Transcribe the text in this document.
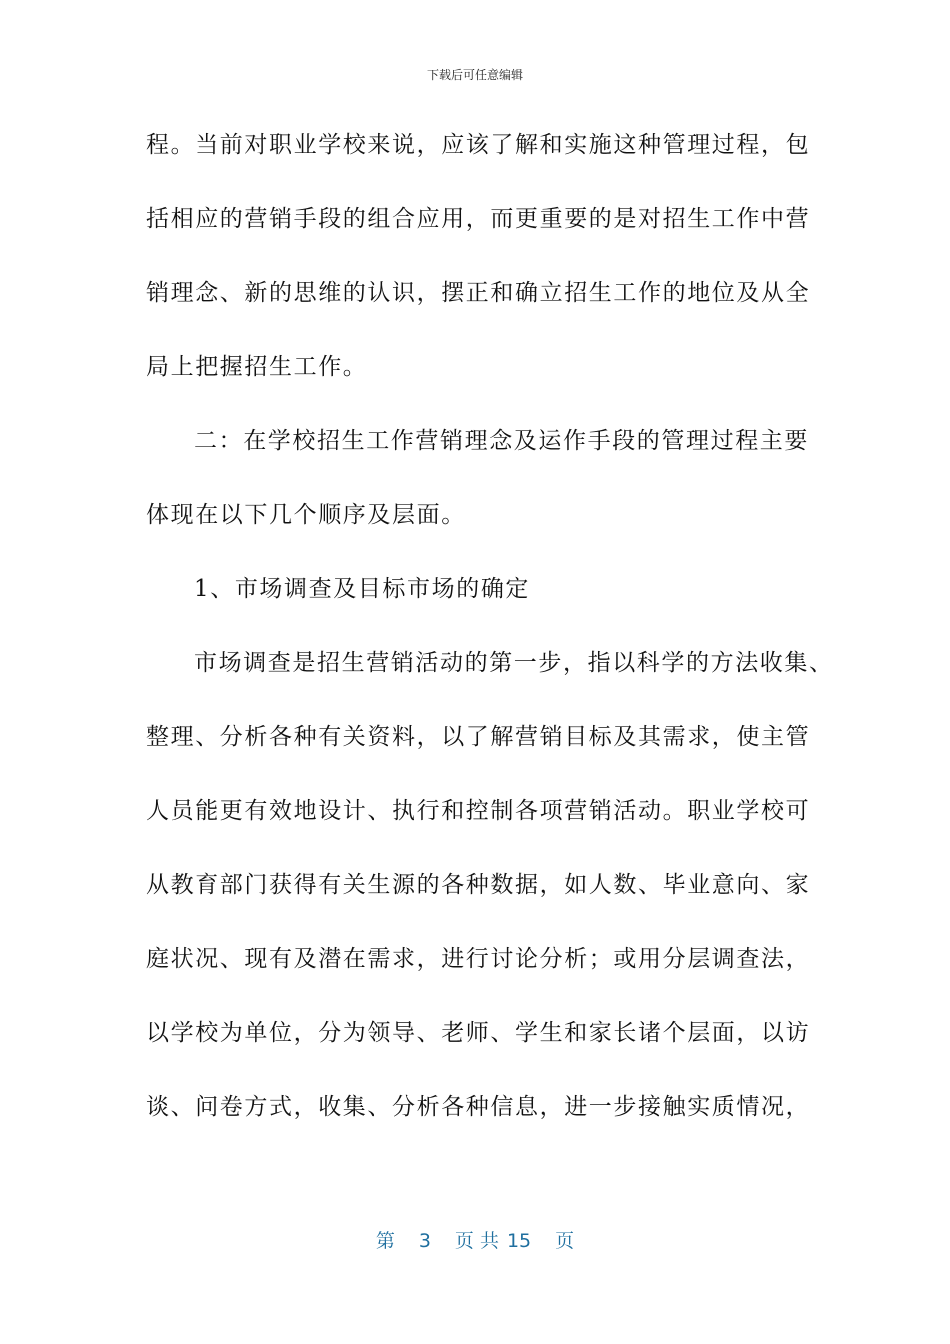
下载后可任意编辑
程。当前对职业学校来说，应该了解和实施这种管理过程，包
括相应的营销手段的组合应用，而更重要的是对招生工作中营
销理念、新的思维的认识，摆正和确立招生工作的地位及从全
局上把握招生工作。
二：在学校招生工作营销理念及运作手段的管理过程主要
体现在以下几个顺序及层面。
1、市场调查及目标市场的确定
市场调查是招生营销活动的第一步，指以科学的方法收集、
整理、分析各种有关资料，以了解营销目标及其需求，使主管
人员能更有效地设计、执行和控制各项营销活动。职业学校可
从教育部门获得有关生源的各种数据，如人数、毕业意向、家
庭状况、现有及潜在需求，进行讨论分析；或用分层调查法，
以学校为单位，分为领导、老师、学生和家长诸个层面，以访
谈、问卷方式，收集、分析各种信息，进一步接触实质情况，
第 3 页 共 15 页
